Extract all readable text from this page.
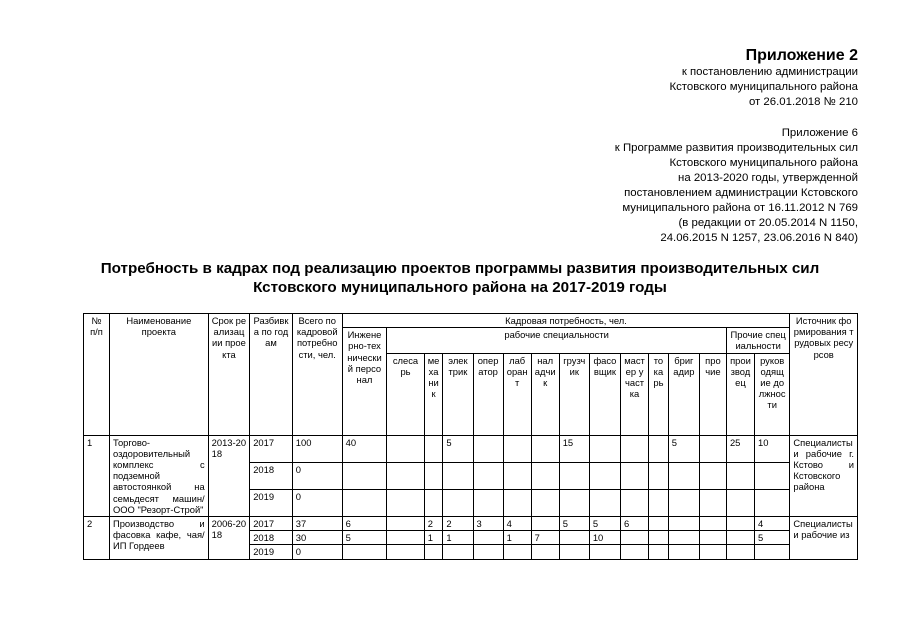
Приложение 2
к постановлению администрации
Кстовского муниципального района
от 26.01.2018 № 210
Приложение 6
к Программе развития производительных сил
Кстовского муниципального района
на 2013-2020 годы, утвержденной
постановлением администрации Кстовского
муниципального района от 16.11.2012 N 769
(в редакции от 20.05.2014 N 1150,
24.06.2015 N 1257, 23.06.2016 N 840)
Потребность в кадрах под реализацию проектов программы развития производительных сил
Кстовского муниципального района на 2017-2019 годы
№ п/п	Наименование проекта	Срок реализации проекта	Разбивка по годам	Всего по кадровой потребности, чел.	Кадровая потребность, чел.															Источник формирования трудовых ресурсов
					Инженерно-технический персонал	рабочие специальности												Прочие специальности		
						слесарь	механик	электрик	оператор	лаборант	наладчик	грузчик	фасовщик	мастер участка	токарь	бригадир	прочие	производец	руководящие должности	

1	Торгово-оздоровительный комплекс с подземной автостоянкой на семьдесят машин/ ООО "Резорт-Строй"	2013-2018	2017	100	40			5				15				5		25	10	Специалисты и рабочие г. Кстово и Кстовского района
			2018	0																
			2019	0																
2	Производство и фасовка кафе, чая/ ИП Гордеев	2006-2018	2017	37	6		2	2	3	4		5	5	6					4	Специалисты и рабочие из
			2018	30	5		1	1		1	7		10						5	
			2019	0																
